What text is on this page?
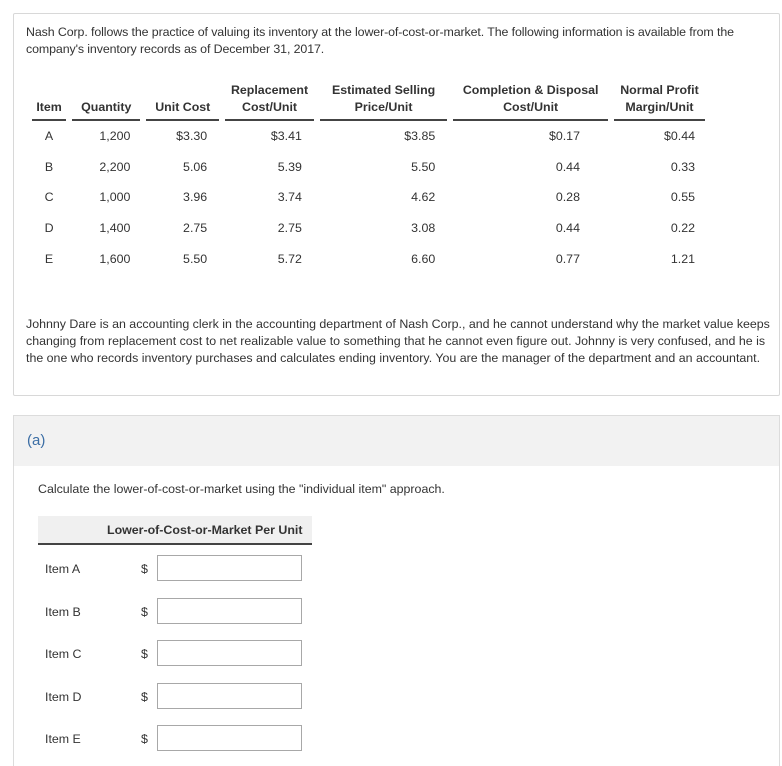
Nash Corp. follows the practice of valuing its inventory at the lower-of-cost-or-market. The following information is available from the company's inventory records as of December 31, 2017.
Item	Quantity	Unit Cost	Replacement Cost/Unit	Estimated Selling Price/Unit	Completion & Disposal Cost/Unit	Normal Profit Margin/Unit
A	1,200	$3.30	$3.41	$3.85	$0.17	$0.44
B	2,200	5.06	5.39	5.50	0.44	0.33
C	1,000	3.96	3.74	4.62	0.28	0.55
D	1,400	2.75	2.75	3.08	0.44	0.22
E	1,600	5.50	5.72	6.60	0.77	1.21
Johnny Dare is an accounting clerk in the accounting department of Nash Corp., and he cannot understand why the market value keeps changing from replacement cost to net realizable value to something that he cannot even figure out. Johnny is very confused, and he is the one who records inventory purchases and calculates ending inventory. You are the manager of the department and an accountant.
(a)
Calculate the lower-of-cost-or-market using the "individual item" approach.
Lower-of-Cost-or-Market Per Unit
Item A	$
Item B	$
Item C	$
Item D	$
Item E	$
